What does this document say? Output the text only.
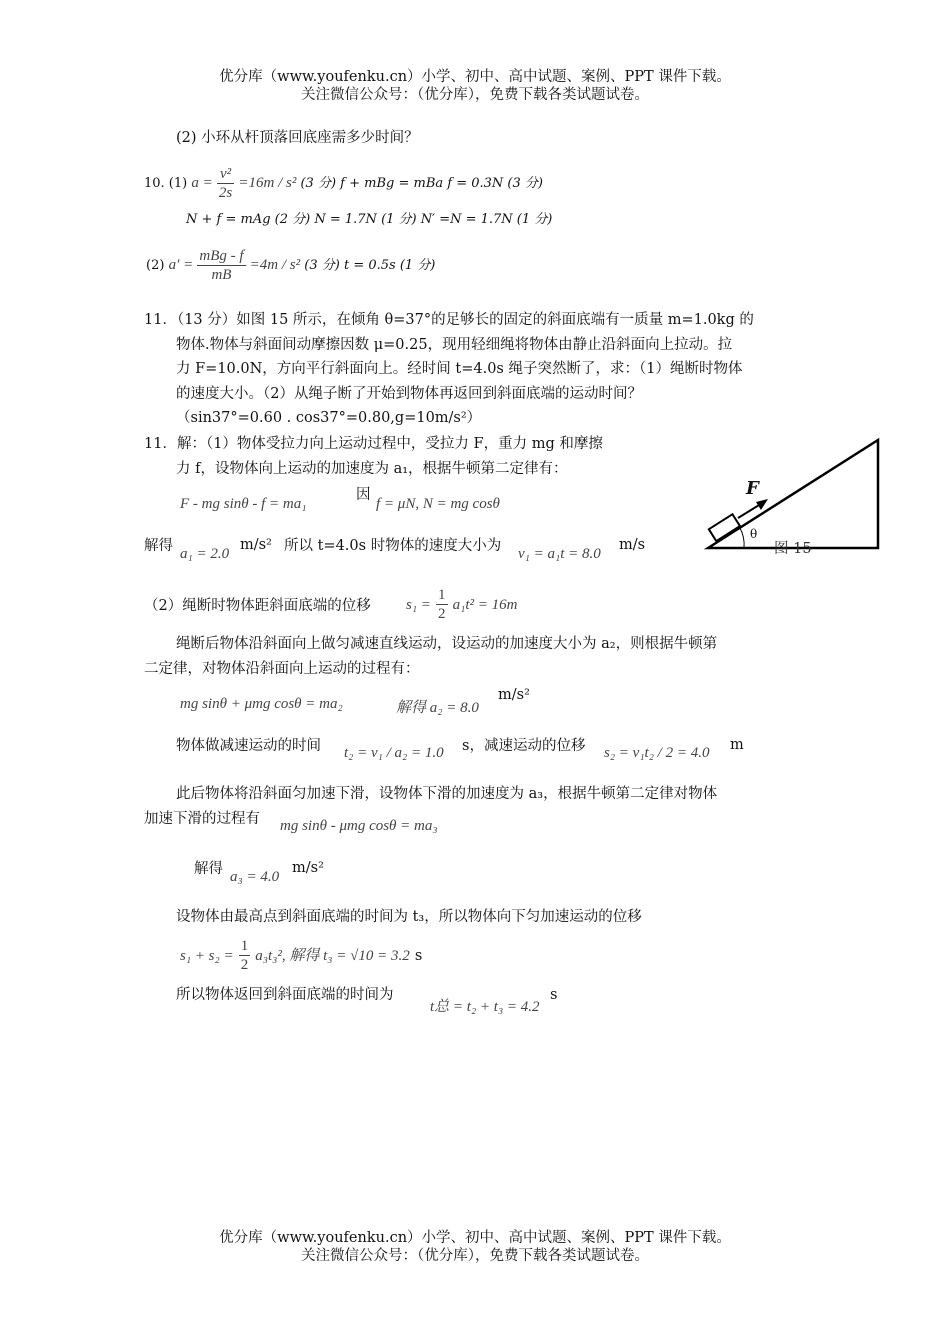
优分库（www.youfenku.cn）小学、初中、高中试题、案例、PPT 课件下载。
关注微信公众号：（优分库），免费下载各类试题试卷。
(2) 小环从杆顶落回底座需多少时间？
10. (1) $a = \frac{\text{v²}}{2s} =16m / s^2$ (3 分) f + mBg = mBa f = 0.3N (3 分)
N + f = mAg (2 分) N = 1.7N (1 分) N′ =N = 1.7N (1 分)
(2) $a' = \frac{\text{mBg - f}}{mB} =4m / s^2$ (3 分) t = 0.5s (1 分)
11．（13 分）如图 15 所示，在倾角 θ=37°的足够长的固定的斜面底端有一质量 m=1.0kg 的
物体.物体与斜面间动摩擦因数 μ=0.25，现用轻细绳将物体由静止沿斜面向上拉动。拉
力 F=10.0N，方向平行斜面向上。经时间 t=4.0s 绳子突然断了，求：（1）绳断时物体
的速度大小。（2）从绳子断了开始到物体再返回到斜面底端的运动时间？
（sin37°=0.60 . cos37°=0.80,g=10m/s²）
11．解：（1）物体受拉力向上运动过程中，受拉力 F，重力 mg 和摩擦
力 f，设物体向上运动的加速度为 a₁，根据牛顿第二定律有：
F - mg sinθ - f = ma₁
因
f = μN, N = mg cosθ
解得 a₁ = 2.0
m/s² 所以 t=4.0s 时物体的速度大小为 v₁ = a₁t = 8.0
m/s
F
θ
图 15
（2）绳断时物体距斜面底端的位移 $s_1 = \frac{1}{2} a_1t^2 = 16m$
绳断后物体沿斜面向上做匀减速直线运动，设运动的加速度大小为 a₂，则根据牛顿第
二定律，对物体沿斜面向上运动的过程有：
mg sinθ + μmg cosθ = ma₂	解得 a₂ = 8.0
m/s²
物体做减速运动的时间 t₂ = v₁ / a₂ = 1.0 s，减速运动的位移 s₂ = v₁t₂ / 2 = 4.0 m
此后物体将沿斜面匀加速下滑，设物体下滑的加速度为 a₃，根据牛顿第二定律对物体
加速下滑的过程有 mg sinθ - μmg cosθ = ma₃
解得 a₃ = 4.0
m/s²
设物体由最高点到斜面底端的时间为 t₃，所以物体向下匀加速运动的位移
$s_1 + s_2 = \frac{1}{2} a_3t_3^2$, 解得 t₃ = √10 = 3.2 s
所以物体返回到斜面底端的时间为
t总 = t₂ + t₃ = 4.2
s
优分库（www.youfenku.cn）小学、初中、高中试题、案例、PPT 课件下载。
关注微信公众号：（优分库），免费下载各类试题试卷。
